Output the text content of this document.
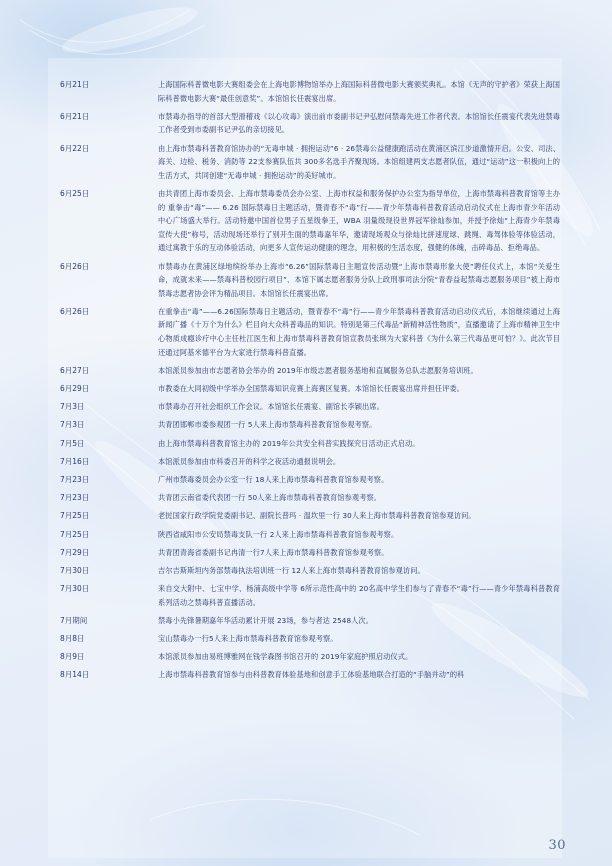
6月21日	上海国际科普微电影大赛组委会在上海电影博物馆举办上海国际科普微电影大赛颁奖典礼。本馆《无声的守护者》荣获上海国际科普微电影大赛“最佳创意奖”。本馆馆长任震宴出席。
6月21日	市禁毒办指导的首部大型滑稽戏《以心攻毒》演出前市委副书记尹弘慰问禁毒先进工作者代表。本馆馆长任震宴代表先进禁毒工作者受到市委副书记尹弘的亲切接见。
6月22日	由上海市禁毒科普教育馆协办的“无毒申城 · 拥抱运动”6 · 26禁毒公益健康跑活动在黄浦区滨江步道激情开启。公安、司法、海关、边检、税务、消防等 22支参赛队伍共 300多名选手齐聚现场。本馆组建两支志愿者队伍，通过“运动”这一积极向上的生活方式，共同创建“无毒申城 · 拥抱运动”的美好城市。
6月25日	由共青团上海市委员会、上海市禁毒委员会办公室、上海市权益和服务保护办公室为指导单位，上海市禁毒科普教育馆等主办的 重拳击“毒”—— 6.26 国际禁毒日主题活动，暨青春不“毒”行——青少年禁毒科普教育活动启动仪式在上海市青少年活动中心广场盛大举行。活动特邀中国首位男子五星级拳王，WBA 羽量级现役世界冠军徐灿参加，并授予徐灿“上海青少年禁毒宣传大使”称号，活动现场还举行了别开生面的禁毒嘉年华，邀请现场观众与徐灿比拼速度球、跳绳、毒驾体验等体验活动，通过寓教于乐的互动体验活动，向更多人宣传运动健康的理念，用积极的生活态度，强健的体魄，击碎毒品、拒绝毒品。
6月26日	市禁毒办在黄浦区绿地缤纷举办上海市“6.26”国际禁毒日主题宣传活动暨“上海市禁毒形象大使”聘任仪式上，本馆“关爱生命，成就未来——禁毒科普校园行项目”、本馆下属志愿者服务分队上政刑事司法分院“青春益起禁毒志愿服务项目”被上海市禁毒志愿者协会评为精品项目。本馆馆长任震宴出席。
6月26日	在重拳击“毒”——6.26国际禁毒日主题活动，暨青春不“毒”行——青少年禁毒科普教育活动启动仪式后，本馆继续通过上海新闻广播《十万个为什么》栏目向大众科普毒品的知识。特别是第三代毒品“新精神活性物质”，直播邀请了上海市精神卫生中心物质成瘾诊疗中心主任杜江医生和上海市禁毒科普教育馆宣教员张琪为大家科普《为什么第三代毒品更可怕？》。此次节目还通过阿基米德平台为大家进行禁毒科普直播。
6月27日	本馆派员参加由市志愿者协会举办的 2019年市级志愿者服务基地和直属服务总队志愿服务培训班。
6月29日	市教委在大同初级中学举办全国禁毒知识竞赛上海赛区复赛。本馆馆长任震宴出席并担任评委。
7月3日	市禁毒办召开社会组织工作会议。本馆馆长任震宴、副馆长李颖出席。
7月3日	共青团邯郸市委参观团一行 5人来上海市禁毒科普教育馆参观考察。
7月5日	由上海市禁毒科普教育馆主办的 2019年公共安全科普实践探究日活动正式启动。
7月16日	本馆派员参加由市科委召开的科学之夜活动通报说明会。
7月23日	广州市禁毒委员会办公室一行 18人来上海市禁毒科普教育馆参观考察。
7月23日	共青团云南省委代表团一行 50人来上海市禁毒科普教育馆参观考察。
7月25日	老挝国家行政学院党委副书记、副院长普玛 · 温坎里一行 30人来上海市禁毒科普教育馆参观访问。
7月25日	陕西省咸阳市公安局禁毒支队一行 2人来上海市禁毒科普教育馆参观考察。
7月29日	共青团青海省委副书记冉清一行7人来上海市禁毒科普教育馆参观考察。
7月30日	吉尔吉斯斯坦内务部禁毒执法培训班一行 12人来上海市禁毒科普教育馆参观访问。
7月30日	来自交大附中、七宝中学、杨浦高级中学等 6所示范性高中的 20名高中学生们参与了青春不“毒”行——青少年禁毒科普教育系列活动之禁毒科普直播活动。
7月期间	禁毒小先锋暑期嘉年华活动累计开展 23场，参与者达 2548人次。
8月8日	宝山禁毒办一行5人来上海市禁毒科普教育馆参观考察。
8月9日	本馆派员参加由易班博雅网在钱学森图书馆召开的 2019年家庭护照启动仪式。
8月14日	上海市禁毒科普教育馆参与由科普教育体验基地和创意手工体验基地联合打造的“手脑并动”的科
30
